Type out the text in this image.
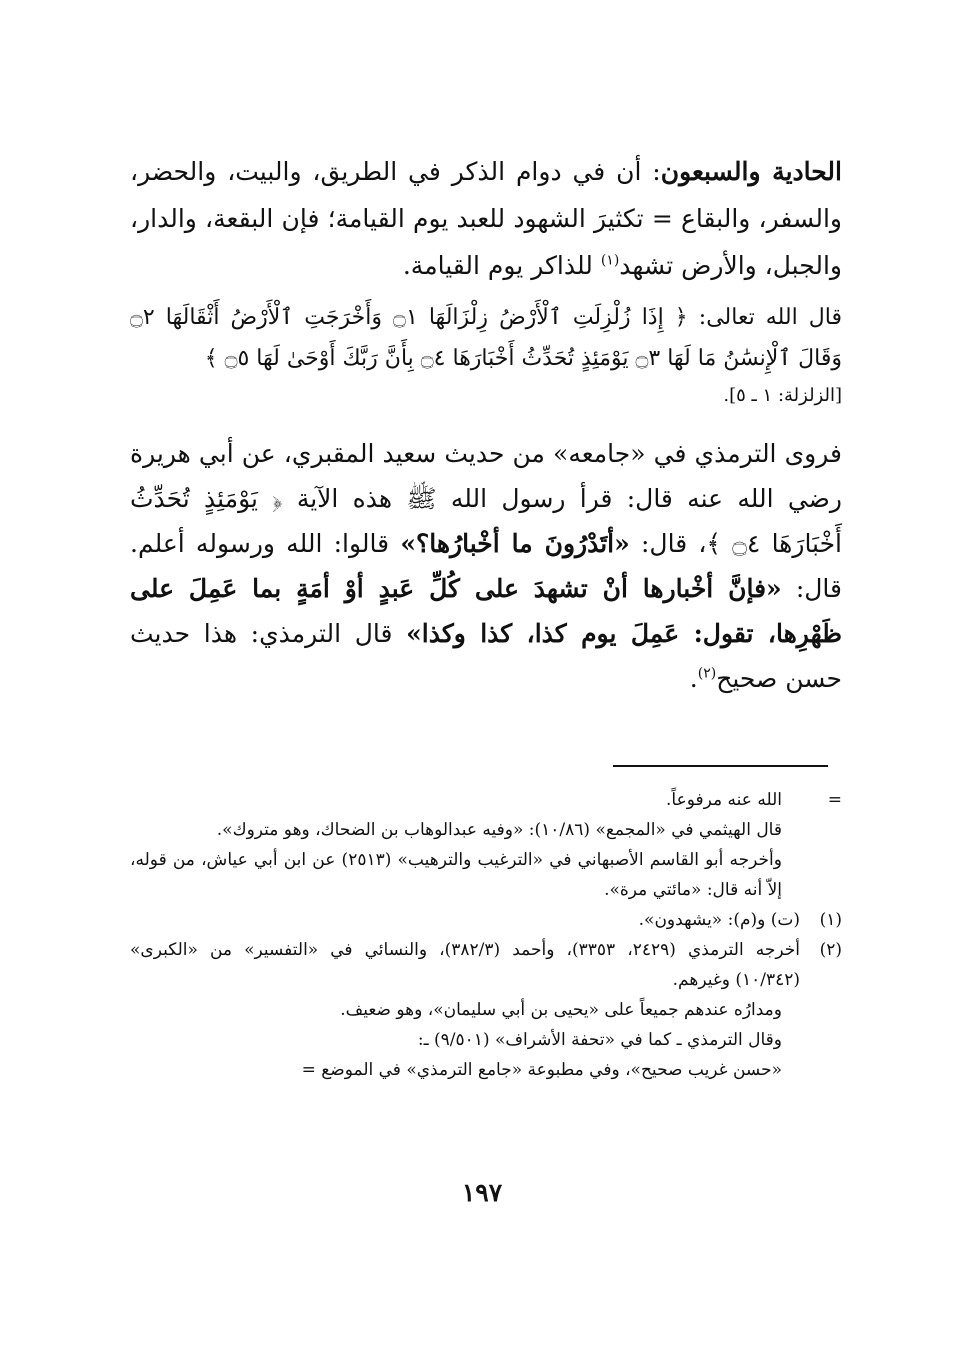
الحادية والسبعون: أن في دوام الذكر في الطريق، والبيت، والحضر، والسفر، والبقاع = تكثيرَ الشهود للعبد يوم القيامة؛ فإن البقعة، والدار، والجبل، والأرض تشهد$^{(١)}$ للذاكر يوم القيامة.

قال الله تعالى: ﴿ إِذَا زُلْزِلَتِ ٱلْأَرْضُ زِلْزَالَهَا ۝١ وَأَخْرَجَتِ ٱلْأَرْضُ أَثْقَالَهَا ۝٢ وَقَالَ ٱلْإِنسَٰنُ مَا لَهَا ۝٣ يَوْمَئِذٍ تُحَدِّثُ أَخْبَارَهَا ۝٤ بِأَنَّ رَبَّكَ أَوْحَىٰ لَهَا ۝٥ ﴾
[الزلزلة: ١ ـ ٥].

فروى الترمذي في «جامعه» من حديث سعيد المقبري، عن أبي هريرة رضي الله عنه قال: قرأ رسول الله ﷺ هذه الآية ﴿ يَوْمَئِذٍ تُحَدِّثُ أَخْبَارَهَا ۝٤ ﴾، قال: «أتَدْرُونَ ما أخْبارُها؟» قالوا: الله ورسوله أعلم. قال: «فإنَّ أخْبارها أنْ تشهدَ على كُلِّ عَبدٍ أوْ أمَةٍ بما عَمِلَ على ظَهْرِها، تقول: عَمِلَ يوم كذا، كذا وكذا» قال الترمذي: هذا حديث حسن صحيح$^{(٢)}$.

=
الله عنه مرفوعاً.
قال الهيثمي في «المجمع» (١٠/٨٦): «وفيه عبدالوهاب بن الضحاك، وهو متروك».
وأخرجه أبو القاسم الأصبهاني في «الترغيب والترهيب» (٢٥١٣) عن ابن أبي عياش، من قوله، إلاّ أنه قال: «مائتي مرة».
(١)
(ت) و(م): «يشهدون».
(٢)
أخرجه الترمذي (٢٤٢٩، ٣٣٥٣)، وأحمد (٣٨٢/٣)، والنسائي في «التفسير» من «الكبرى» (١٠/٣٤٢) وغيرهم.
ومدارُه عندهم جميعاً على «يحيى بن أبي سليمان»، وهو ضعيف.
وقال الترمذي ـ كما في «تحفة الأشراف» (٩/٥٠١) ـ:
«حسن غريب صحيح»، وفي مطبوعة «جامع الترمذي» في الموضع =
١٩٧
